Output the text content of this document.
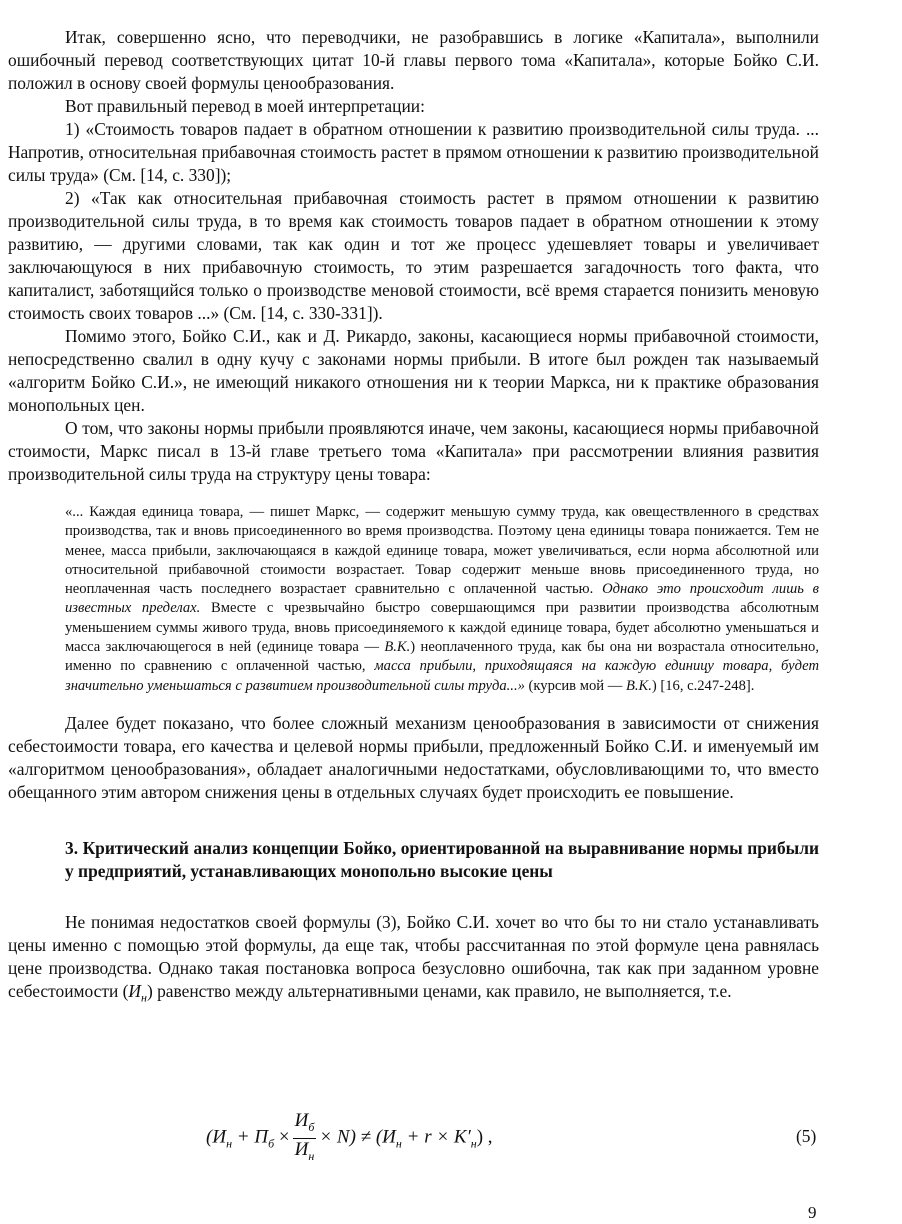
Итак, совершенно ясно, что переводчики, не разобравшись в логике «Капитала», выполнили ошибочный перевод соответствующих цитат 10-й главы первого тома «Капитала», которые Бойко С.И. положил в основу своей формулы ценообразования.

Вот правильный перевод в моей интерпретации:

1) «Стоимость товаров падает в обратном отношении к развитию производительной силы труда. ... Напротив, относительная прибавочная стоимость растет в прямом отношении к развитию производительной силы труда» (См. [14, с. 330]);

2) «Так как относительная прибавочная стоимость растет в прямом отношении к развитию производительной силы труда, в то время как стоимость товаров падает в обратном отношении к этому развитию, — другими словами, так как один и тот же процесс удешевляет товары и увеличивает заключающуюся в них прибавочную стоимость, то этим разрешается загадочность того факта, что капиталист, заботящийся только о производстве меновой стоимости, всё время старается понизить меновую стоимость своих товаров ...» (См. [14, с. 330-331]).

Помимо этого, Бойко С.И., как и Д. Рикардо, законы, касающиеся нормы прибавочной стоимости, непосредственно свалил в одну кучу с законами нормы прибыли. В итоге был рожден так называемый «алгоритм Бойко С.И.», не имеющий никакого отношения ни к теории Маркса, ни к практике образования монопольных цен.

О том, что законы нормы прибыли проявляются иначе, чем законы, касающиеся нормы прибавочной стоимости, Маркс писал в 13-й главе третьего тома «Капитала» при рассмотрении влияния развития производительной силы труда на структуру цены товара:

«... Каждая единица товара, — пишет Маркс, — содержит меньшую сумму труда, как овеществленного в средствах производства, так и вновь присоединенного во время производства. Поэтому цена единицы товара понижается. Тем не менее, масса прибыли, заключающаяся в каждой единице товара, может увеличиваться, если норма абсолютной или относительной прибавочной стоимости возрастает. Товар содержит меньше вновь присоединенного труда, но неоплаченная часть последнего возрастает сравнительно с оплаченной частью. Однако это происходит лишь в известных пределах. Вместе с чрезвычайно быстро совершающимся при развитии производства абсолютным уменьшением суммы живого труда, вновь присоединяемого к каждой единице товара, будет абсолютно уменьшаться и масса заключающегося в ней (единице товара — В.К.) неоплаченного труда, как бы она ни возрастала относительно, именно по сравнению с оплаченной частью, масса прибыли, приходящаяся на каждую единицу товара, будет значительно уменьшаться с развитием производительной силы труда...» (курсив мой — В.К.) [16, с.247-248].

Далее будет показано, что более сложный механизм ценообразования в зависимости от снижения себестоимости товара, его качества и целевой нормы прибыли, предложенный Бойко С.И. и именуемый им «алгоритмом ценообразования», обладает аналогичными недостатками, обусловливающими то, что вместо обещанного этим автором снижения цены в отдельных случаях будет происходить ее повышение.

3. Критический анализ концепции Бойко, ориентированной на выравнивание нормы прибыли у предприятий, устанавливающих монопольно высокие цены

Не понимая недостатков своей формулы (3), Бойко С.И. хочет во что бы то ни стало устанавливать цены именно с помощью этой формулы, да еще так, чтобы рассчитанная по этой формуле цена равнялась цене производства. Однако такая постановка вопроса безусловно ошибочна, так как при заданном уровне себестоимости $(И_н)$ равенство между альтернативными ценами, как правило, не выполняется, т.е.

$(И_н + П_б \times \frac{И_б}{И_н} \times N) \ne (И_н + r \times K'_н)$ ,	(5)
9
